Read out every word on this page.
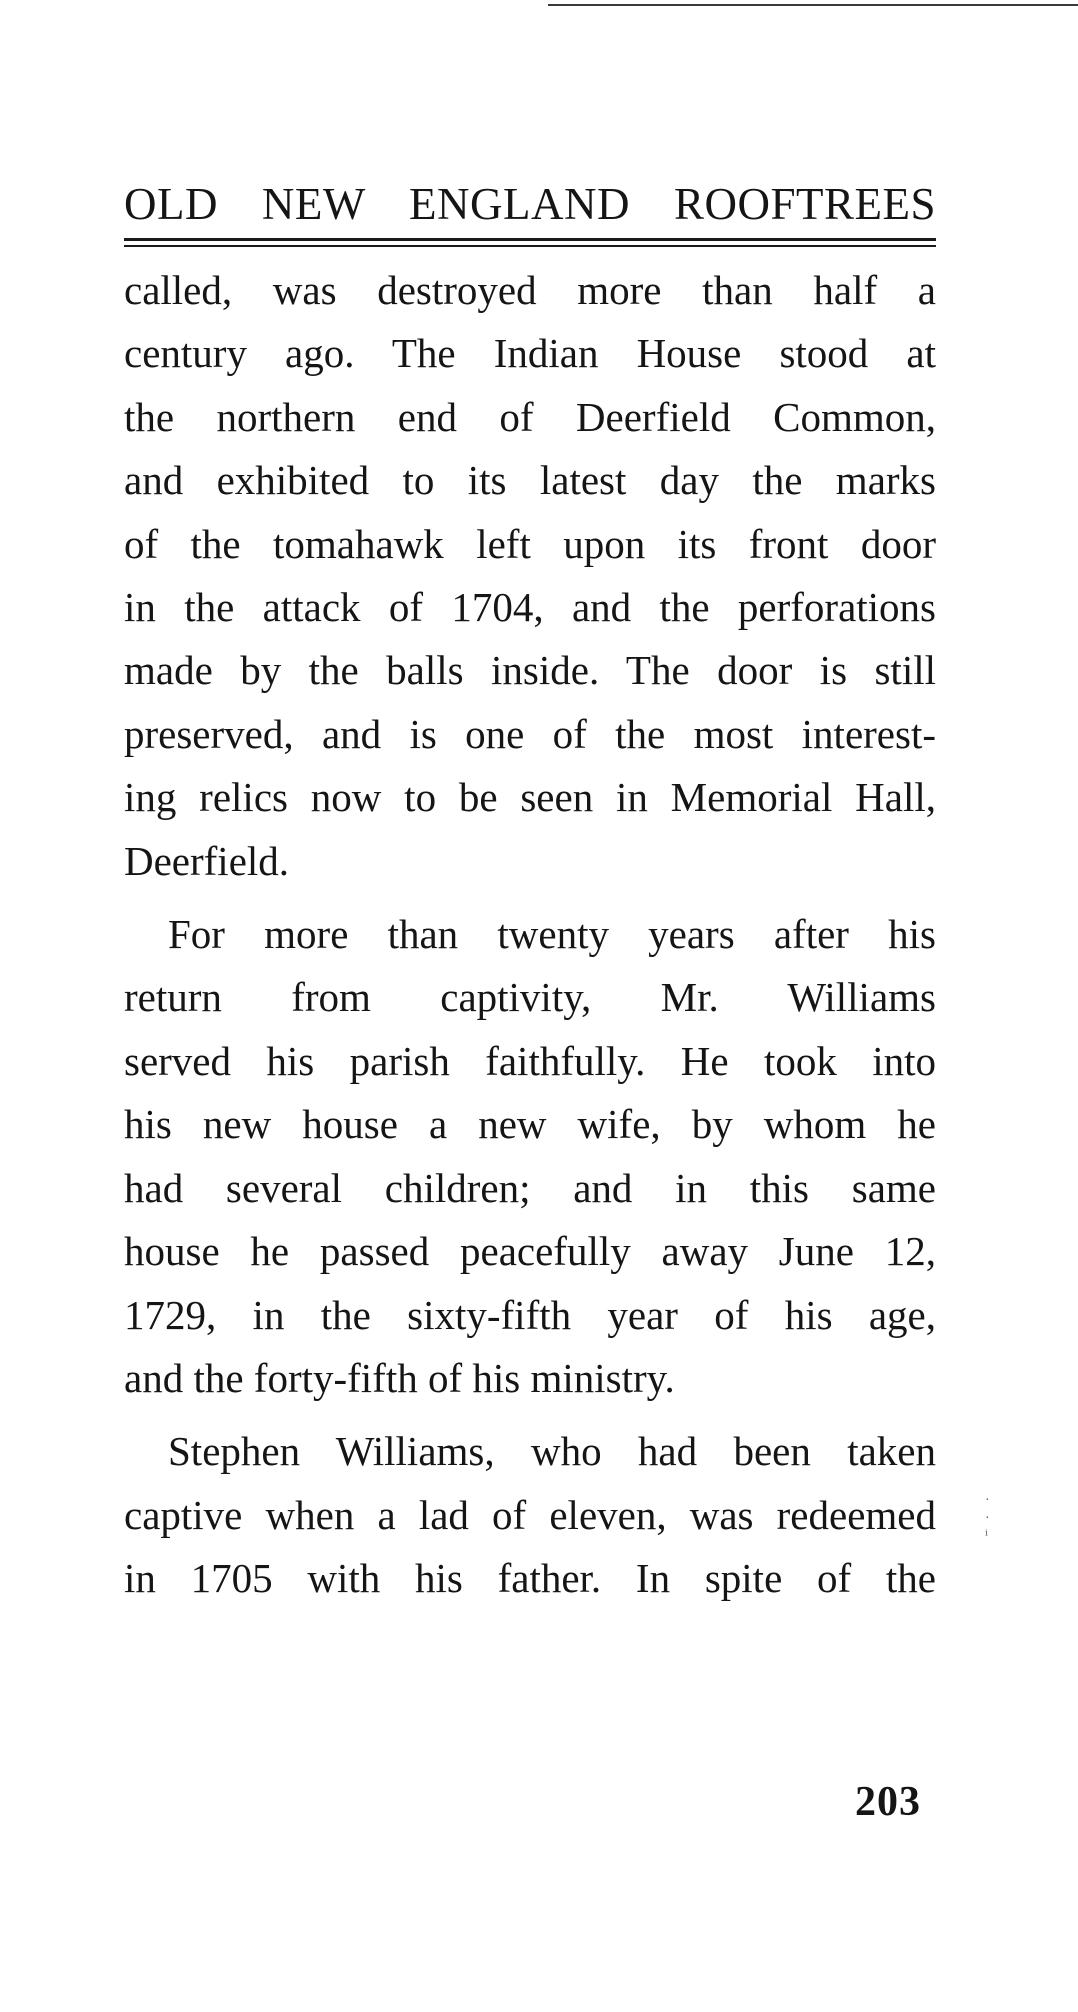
OLD NEW ENGLAND ROOFTREES

called, was destroyed more than half a
century ago. The Indian House stood at
the northern end of Deerfield Common,
and exhibited to its latest day the marks
of the tomahawk left upon its front door
in the attack of 1704, and the perforations
made by the balls inside. The door is still
preserved, and is one of the most interest-
ing relics now to be seen in Memorial Hall,
Deerfield.

For more than twenty years after his
return from captivity, Mr. Williams
served his parish faithfully. He took into
his new house a new wife, by whom he
had several children; and in this same
house he passed peacefully away June 12,
1729, in the sixty-fifth year of his age,
and the forty-fifth of his ministry.

Stephen Williams, who had been taken
captive when a lad of eleven, was redeemed
in 1705 with his father. In spite of the

203
·
·
ⁱ
